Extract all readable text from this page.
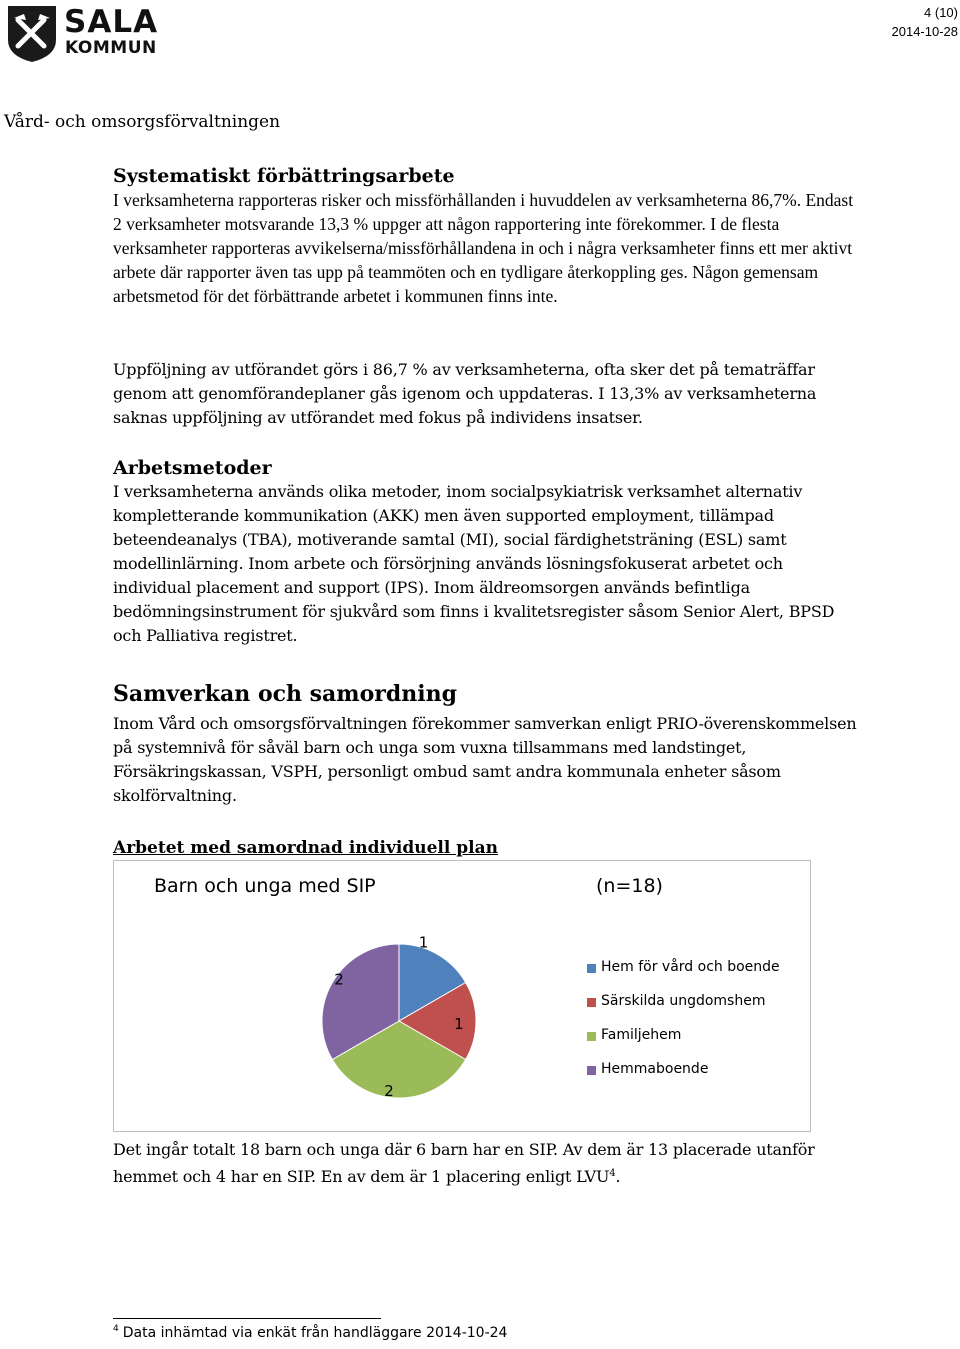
SALA
KOMMUN
4 (10)
2014-10-28
Vård- och omsorgsförvaltningen
Systematiskt förbättringsarbete

I verksamheterna rapporteras risker och missförhållanden i huvuddelen av verksamheterna 86,7%. Endast 2 verksamheter motsvarande 13,3 % uppger att någon rapportering inte förekommer. I de flesta verksamheter rapporteras avvikelserna/missförhållandena in och i några verksamheter finns ett mer aktivt arbete där rapporter även tas upp på teammöten och en tydligare återkoppling ges. Någon gemensam arbetsmetod för det förbättrande arbetet i kommunen finns inte.

Uppföljning av utförandet görs i 86,7 % av verksamheterna, ofta sker det på tematräffar genom att genomförandeplaner gås igenom och uppdateras. I 13,3% av verksamheterna saknas uppföljning av utförandet med fokus på individens insatser.

Arbetsmetoder

I verksamheterna används olika metoder, inom socialpsykiatrisk verksamhet alternativ kompletterande kommunikation (AKK) men även supported employment, tillämpad beteendeanalys (TBA), motiverande samtal (MI), social färdighetsträning (ESL) samt modellinlärning. Inom arbete och försörjning används lösningsfokuserat arbetet och individual placement and support (IPS). Inom äldreomsorgen används befintliga bedömningsinstrument för sjukvård som finns i kvalitetsregister såsom Senior Alert, BPSD och Palliativa registret.

Samverkan och samordning

Inom Vård och omsorgsförvaltningen förekommer samverkan enligt PRIO-överenskommelsen på systemnivå för såväl barn och unga som vuxna tillsammans med landstinget, Försäkringskassan, VSPH, personligt ombud samt andra kommunala enheter såsom skolförvaltning.

Arbetet med samordnad individuell plan
Barn och unga med SIP	(n=18)
1
1
2
2
Hem för vård och boende
Särskilda ungdomshem
Familjehem
Hemmaboende

Det ingår totalt 18 barn och unga där 6 barn har en SIP. Av dem är 13 placerade utanför hemmet och 4 har en SIP. En av dem är 1 placering enligt LVU$^4$.

$^4$ Data inhämtad via enkät från handläggare 2014-10-24
